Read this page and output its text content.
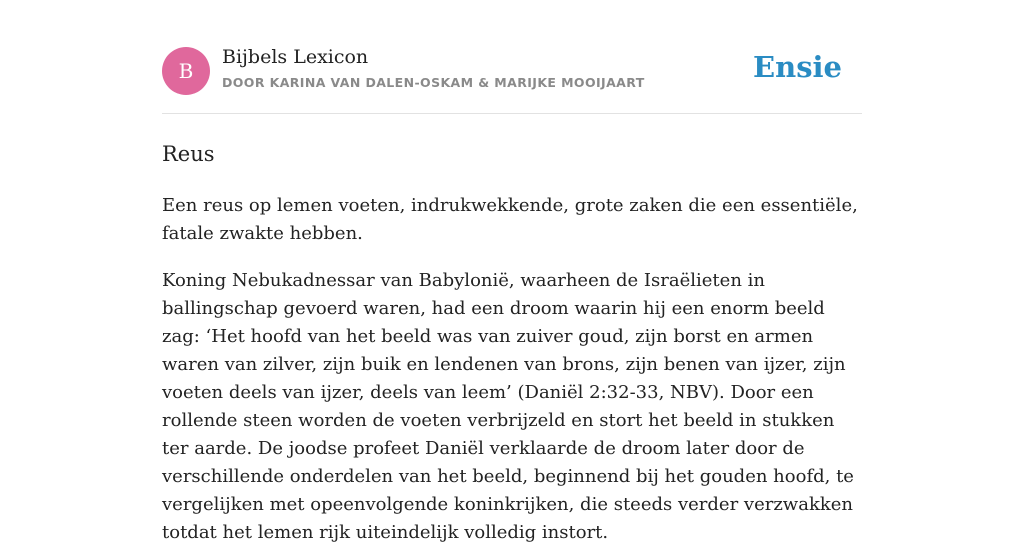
B
Bijbels Lexicon
DOOR KARINA VAN DALEN-OSKAM & MARIJKE MOOIJAART	Ensie
Reus

Een reus op lemen voeten, indrukwekkende, grote zaken die een essentiële, fatale zwakte hebben.

Koning Nebukadnessar van Babylonië, waarheen de Israëlieten in ballingschap gevoerd waren, had een droom waarin hij een enorm beeld zag: ‘Het hoofd van het beeld was van zuiver goud, zijn borst en armen waren van zilver, zijn buik en lendenen van brons, zijn benen van ijzer, zijn voeten deels van ijzer, deels van leem’ (Daniël 2:32-33, NBV). Door een rollende steen worden de voeten verbrijzeld en stort het beeld in stukken ter aarde. De joodse profeet Daniël verklaarde de droom later door de verschillende onderdelen van het beeld, beginnend bij het gouden hoofd, te vergelijken met opeenvolgende koninkrijken, die steeds verder verzwakken totdat het lemen rijk uiteindelijk volledig instort.
